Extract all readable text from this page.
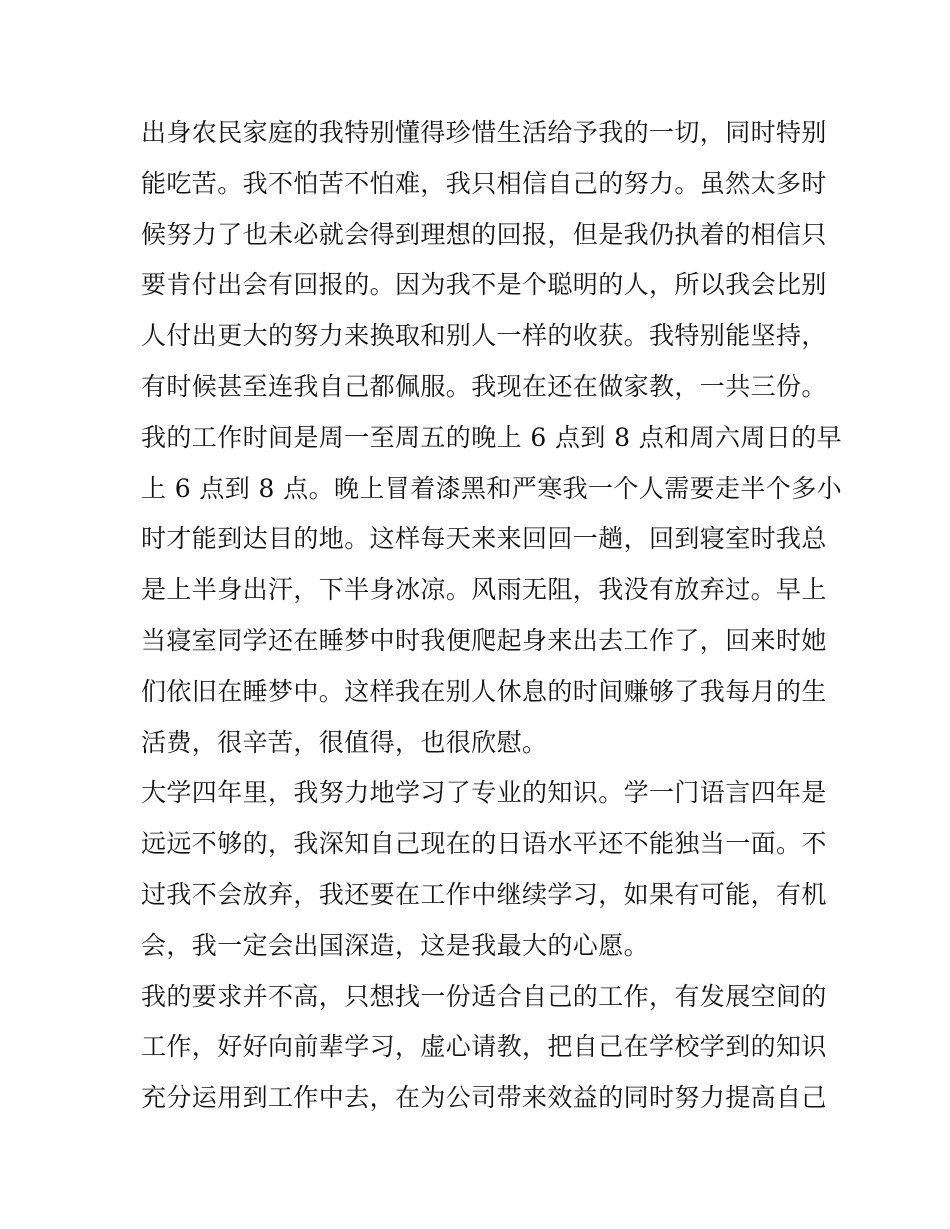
出身农民家庭的我特别懂得珍惜生活给予我的一切，同时特别
能吃苦。我不怕苦不怕难，我只相信自己的努力。虽然太多时
候努力了也未必就会得到理想的回报，但是我仍执着的相信只
要肯付出会有回报的。因为我不是个聪明的人，所以我会比别
人付出更大的努力来换取和别人一样的收获。我特别能坚持，
有时候甚至连我自己都佩服。我现在还在做家教，一共三份。
我的工作时间是周一至周五的晚上 6 点到 8 点和周六周日的早
上 6 点到 8 点。晚上冒着漆黑和严寒我一个人需要走半个多小
时才能到达目的地。这样每天来来回回一趟，回到寝室时我总
是上半身出汗，下半身冰凉。风雨无阻，我没有放弃过。早上
当寝室同学还在睡梦中时我便爬起身来出去工作了，回来时她
们依旧在睡梦中。这样我在别人休息的时间赚够了我每月的生
活费，很辛苦，很值得，也很欣慰。
大学四年里，我努力地学习了专业的知识。学一门语言四年是
远远不够的，我深知自己现在的日语水平还不能独当一面。不
过我不会放弃，我还要在工作中继续学习，如果有可能，有机
会，我一定会出国深造，这是我最大的心愿。
我的要求并不高，只想找一份适合自己的工作，有发展空间的
工作，好好向前辈学习，虚心请教，把自己在学校学到的知识
充分运用到工作中去，在为公司带来效益的同时努力提高自己
